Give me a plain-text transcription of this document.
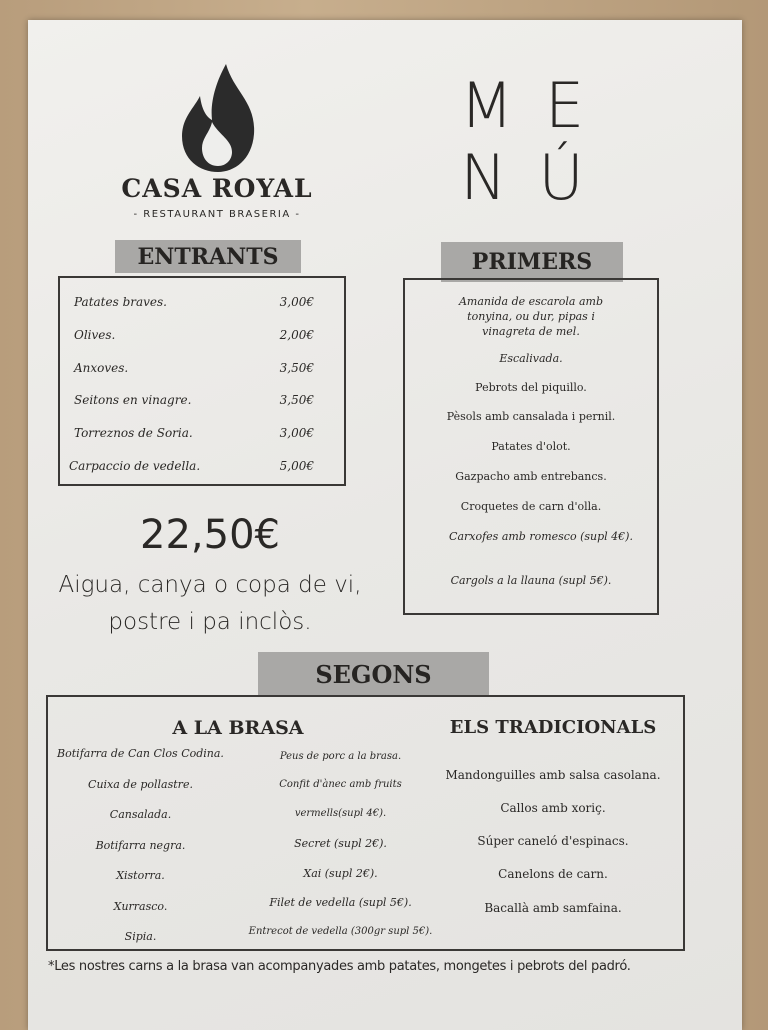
CASA ROYAL
- RESTAURANT BRASERIA -
M E
N Ú
ENTRANTS
Patates braves.	3,00€
Olives.	2,00€
Anxoves.	3,50€
Seitons en vinagre.	3,50€
Torreznos de Soria.	3,00€
Carpaccio de vedella.	5,00€
22,50€
Aigua, canya o copa de vi,
postre i pa inclòs.
PRIMERS
Amanida de escarola amb tonyina, ou dur, pipas i vinagreta de mel.
Escalivada.
Pebrots del piquillo.
Pèsols amb cansalada i pernil.
Patates d'olot.
Gazpacho amb entrebancs.
Croquetes de carn d'olla.
Carxofes amb romesco (supl 4€).
Cargols a la llauna (supl 5€).
SEGONS
A LA BRASA	ELS TRADICIONALS
Botifarra de Can Clos Codina.
Cuixa de pollastre.
Cansalada.
Botifarra negra.
Xistorra.
Xurrasco.
Sipia.
Peus de porc a la brasa.
Confit d'ànec amb fruits
vermells(supl 4€).
Secret (supl 2€).
Xai (supl 2€).
Filet de vedella (supl 5€).
Entrecot de vedella (300gr supl 5€).
Mandonguilles amb salsa casolana.
Callos amb xoriç.
Súper caneló d'espinacs.
Canelons de carn.
Bacallà amb samfaina.
*Les nostres carns a la brasa van acompanyades amb patates, mongetes i pebrots del padró.
